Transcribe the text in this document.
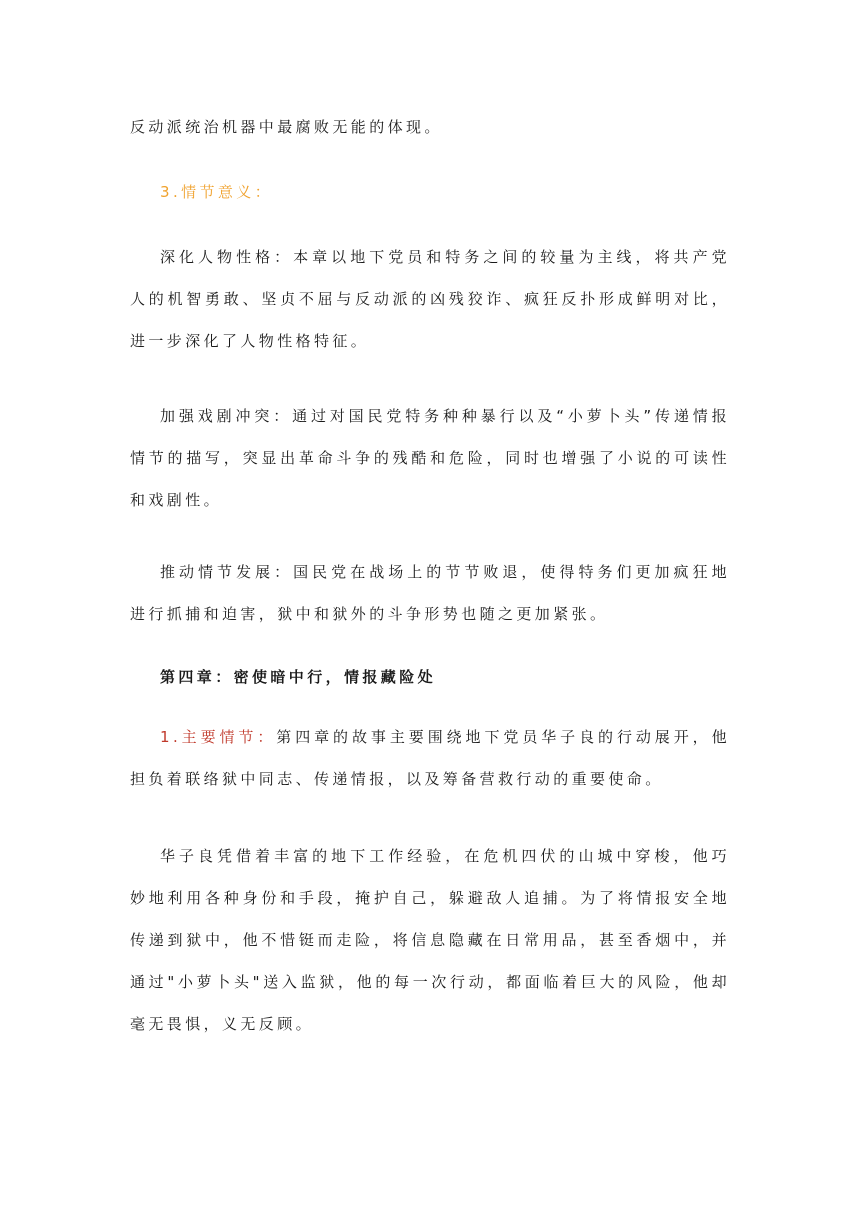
反动派统治机器中最腐败无能的体现。

3.情节意义：

深化人物性格：本章以地下党员和特务之间的较量为主线，将共产党人的机智勇敢、坚贞不屈与反动派的凶残狡诈、疯狂反扑形成鲜明对比，进一步深化了人物性格特征。

加强戏剧冲突：通过对国民党特务种种暴行以及“小萝卜头”传递情报情节的描写，突显出革命斗争的残酷和危险，同时也增强了小说的可读性和戏剧性。

推动情节发展：国民党在战场上的节节败退，使得特务们更加疯狂地进行抓捕和迫害，狱中和狱外的斗争形势也随之更加紧张。

第四章：密使暗中行，情报藏险处

1.主要情节：第四章的故事主要围绕地下党员华子良的行动展开，他担负着联络狱中同志、传递情报，以及筹备营救行动的重要使命。

华子良凭借着丰富的地下工作经验，在危机四伏的山城中穿梭，他巧妙地利用各种身份和手段，掩护自己，躲避敌人追捕。为了将情报安全地传递到狱中，他不惜铤而走险，将信息隐藏在日常用品，甚至香烟中，并通过"小萝卜头"送入监狱，他的每一次行动，都面临着巨大的风险，他却毫无畏惧，义无反顾。
